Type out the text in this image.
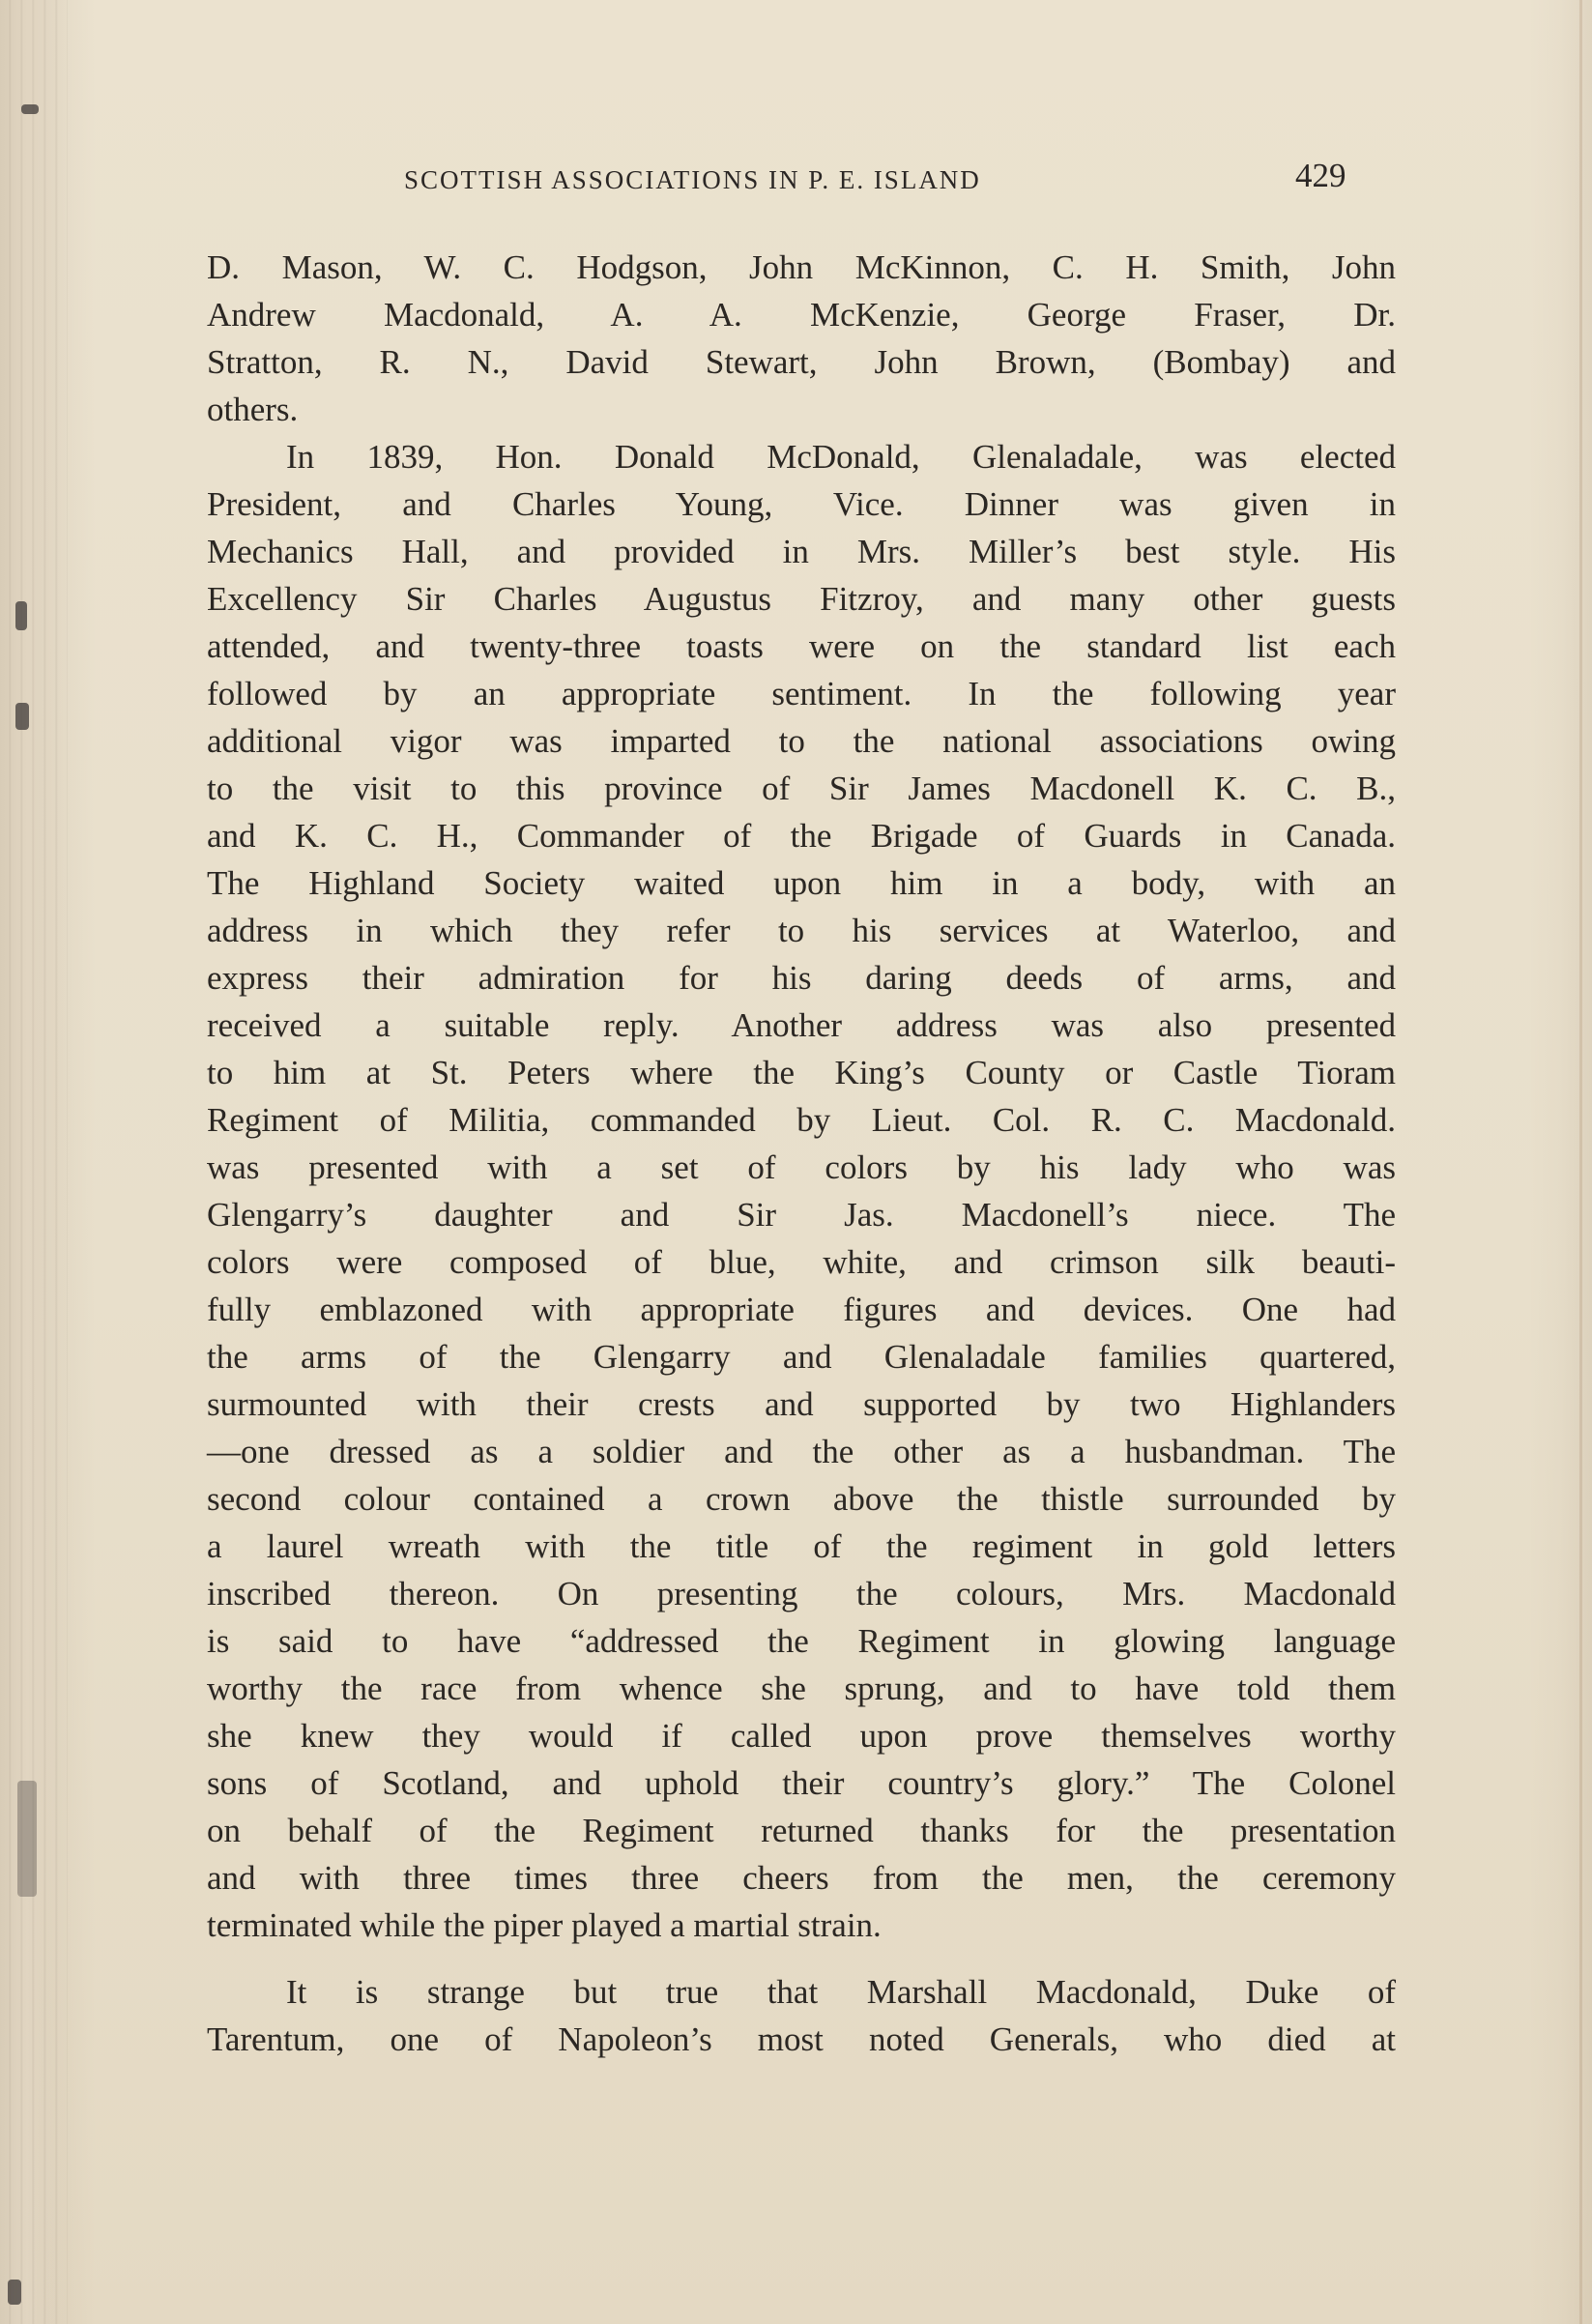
SCOTTISH ASSOCIATIONS IN P. E. ISLAND	429
D. Mason, W. C. Hodgson, John McKinnon, C. H. Smith, John
Andrew Macdonald, A. A. McKenzie, George Fraser, Dr.
Stratton, R. N., David Stewart, John Brown, (Bombay) and
others.
In 1839, Hon. Donald McDonald, Glenaladale, was elected
President, and Charles Young, Vice. Dinner was given in
Mechanics Hall, and provided in Mrs. Miller’s best style. His
Excellency Sir Charles Augustus Fitzroy, and many other guests
attended, and twenty-three toasts were on the standard list each
followed by an appropriate sentiment. In the following year
additional vigor was imparted to the national associations owing
to the visit to this province of Sir James Macdonell K. C. B.,
and K. C. H., Commander of the Brigade of Guards in Canada.
The Highland Society waited upon him in a body, with an
address in which they refer to his services at Waterloo, and
express their admiration for his daring deeds of arms, and
received a suitable reply. Another address was also presented
to him at St. Peters where the King’s County or Castle Tioram
Regiment of Militia, commanded by Lieut. Col. R. C. Macdonald.
was presented with a set of colors by his lady who was
Glengarry’s daughter and Sir Jas. Macdonell’s niece. The
colors were composed of blue, white, and crimson silk beauti-
fully emblazoned with appropriate figures and devices. One had
the arms of the Glengarry and Glenaladale families quartered,
surmounted with their crests and supported by two Highlanders
—one dressed as a soldier and the other as a husbandman. The
second colour contained a crown above the thistle surrounded by
a laurel wreath with the title of the regiment in gold letters
inscribed thereon. On presenting the colours, Mrs. Macdonald
is said to have “addressed the Regiment in glowing language
worthy the race from whence she sprung, and to have told them
she knew they would if called upon prove themselves worthy
sons of Scotland, and uphold their country’s glory.” The Colonel
on behalf of the Regiment returned thanks for the presentation
and with three times three cheers from the men, the ceremony
terminated while the piper played a martial strain.
It is strange but true that Marshall Macdonald, Duke of
Tarentum, one of Napoleon’s most noted Generals, who died at
